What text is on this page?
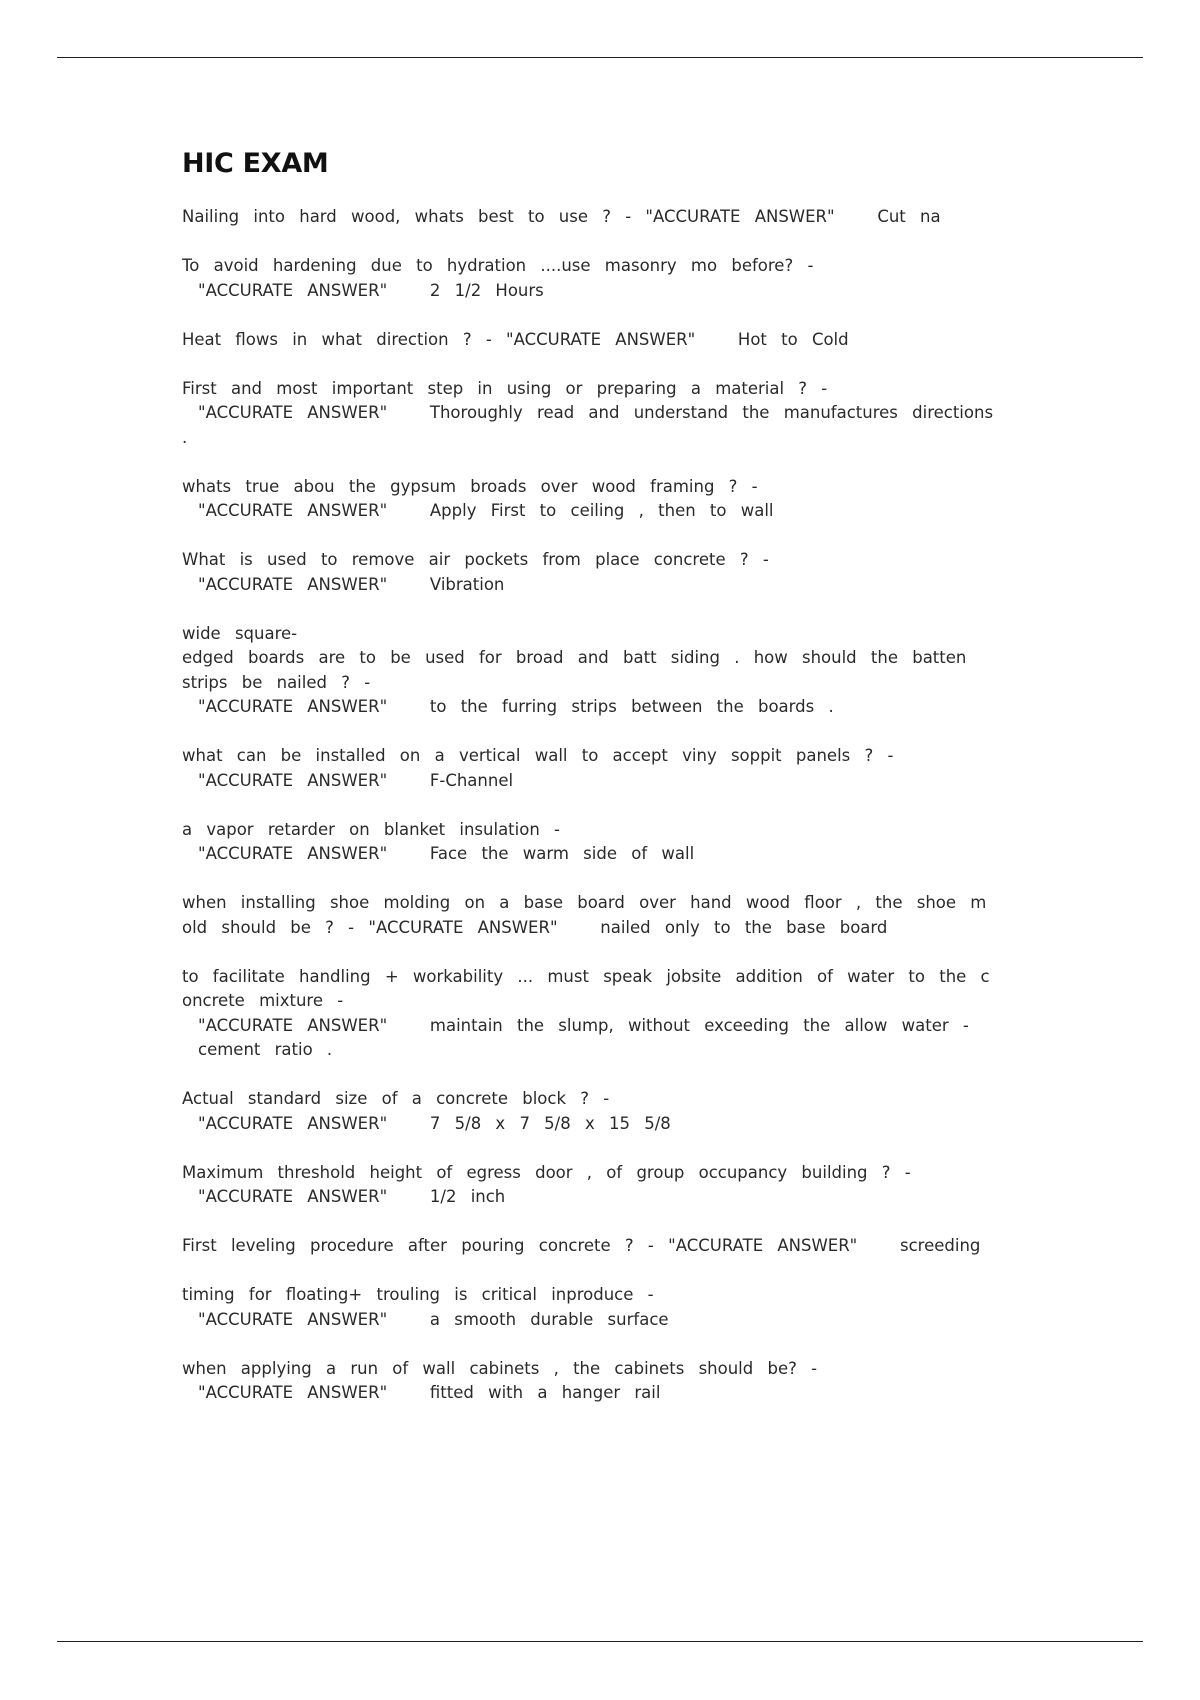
HIC EXAM
Nailing into hard wood, whats best to use ? - "ACCURATE ANSWER"   Cut na
To avoid hardening due to hydration ....use masonry mo before? -
"ACCURATE ANSWER"   2 1/2 Hours
Heat flows in what direction ? - "ACCURATE ANSWER"   Hot to Cold
First and most important step in using or preparing a material ? -
"ACCURATE ANSWER"   Thoroughly read and understand the manufactures directions
.
whats true abou the gypsum broads over wood framing ? -
"ACCURATE ANSWER"   Apply First to ceiling , then to wall
What is used to remove air pockets from place concrete ? -
"ACCURATE ANSWER"   Vibration
wide square-
edged boards are to be used for broad and batt siding . how should the batten
strips be nailed ? -
"ACCURATE ANSWER"   to the furring strips between the boards .
what can be installed on a vertical wall to accept viny soppit panels ? -
"ACCURATE ANSWER"   F-Channel
a vapor retarder on blanket insulation -
"ACCURATE ANSWER"   Face the warm side of wall
when installing shoe molding on a base board over hand wood floor , the shoe m
old should be ? - "ACCURATE ANSWER"   nailed only to the base board
to facilitate handling + workability ... must speak jobsite addition of water to the c
oncrete mixture -
"ACCURATE ANSWER"   maintain the slump, without exceeding the allow water -
cement ratio .
Actual standard size of a concrete block ? -
"ACCURATE ANSWER"   7 5/8 x 7 5/8 x 15 5/8
Maximum threshold height of egress door , of group occupancy building ? -
"ACCURATE ANSWER"   1/2 inch
First leveling procedure after pouring concrete ? - "ACCURATE ANSWER"   screeding
timing for floating+ trouling is critical inproduce -
"ACCURATE ANSWER"   a smooth durable surface
when applying a run of wall cabinets , the cabinets should be? -
"ACCURATE ANSWER"   fitted with a hanger rail
